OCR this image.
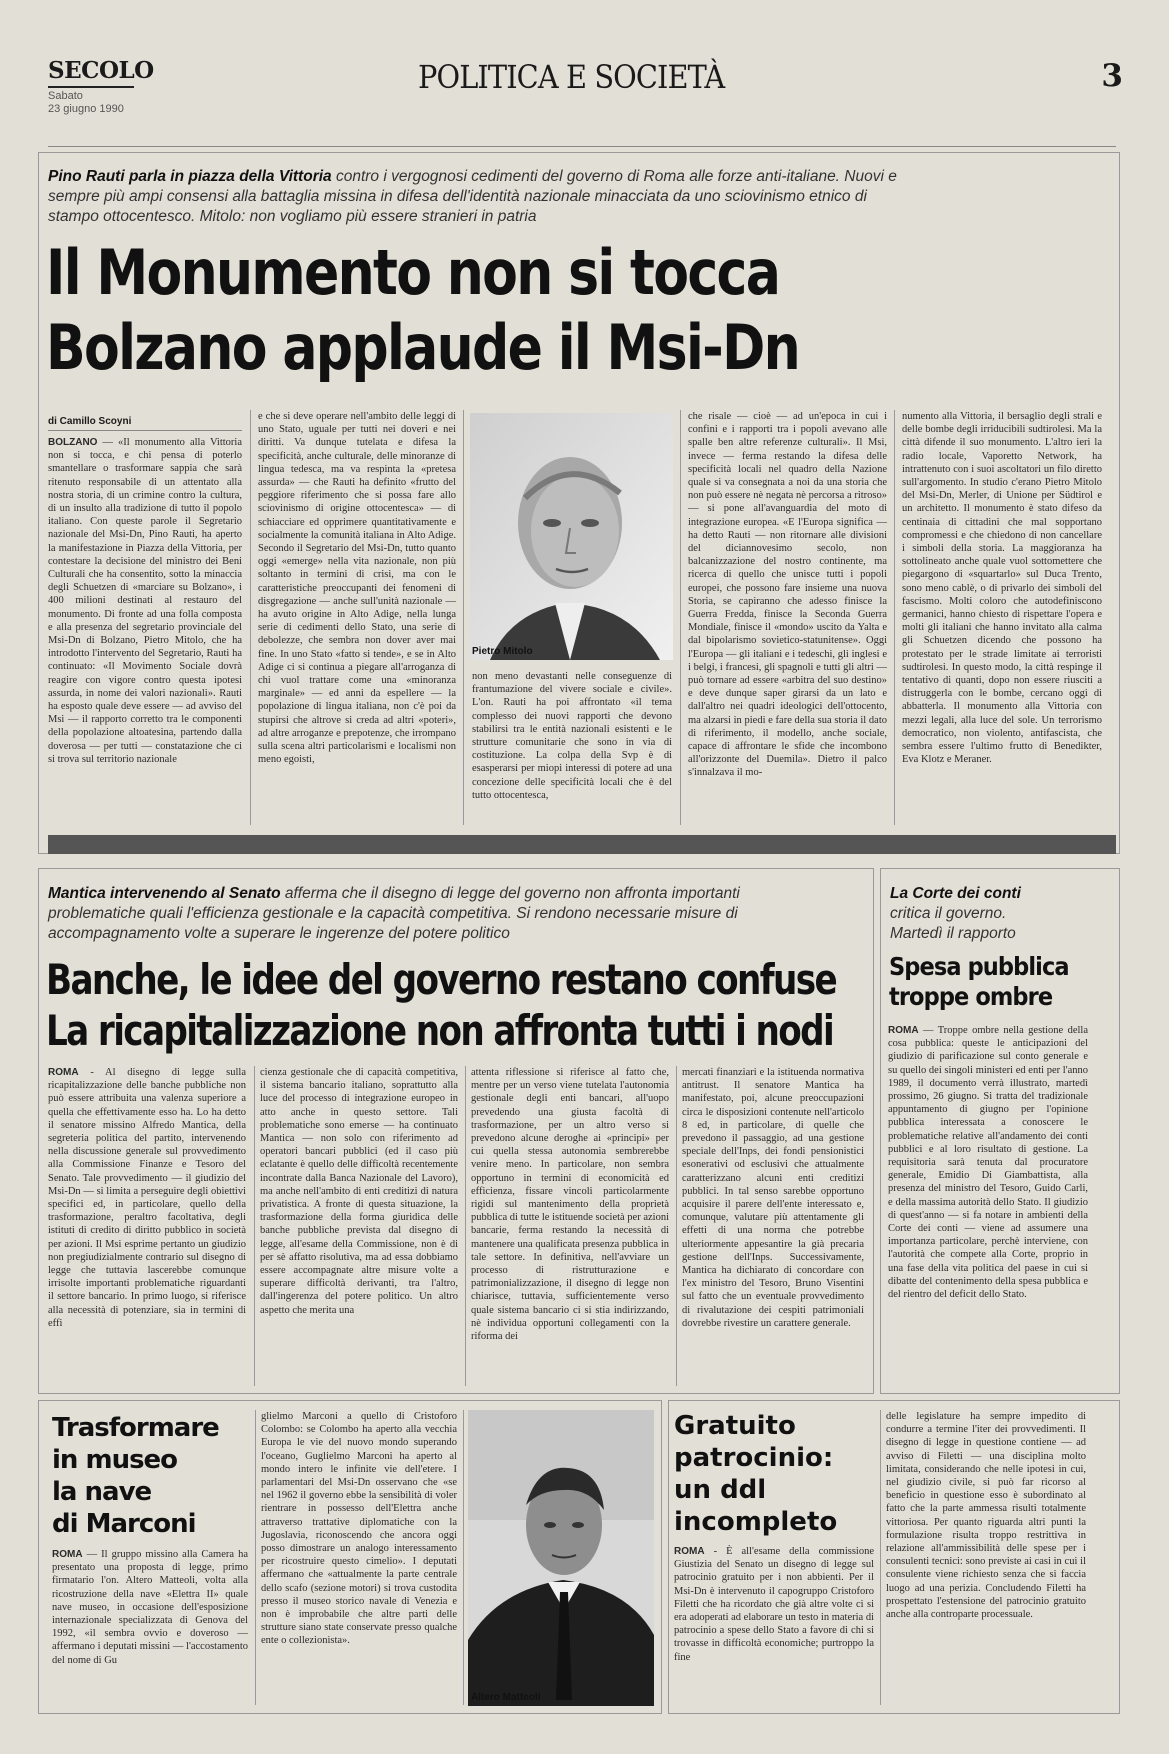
SECOLO
Sabato
23 giugno 1990
POLITICA E SOCIETÀ	3
Pino Rauti parla in piazza della Vittoria contro i vergognosi cedimenti del governo di Roma alle forze anti-italiane. Nuovi e sempre più ampi consensi alla battaglia missina in difesa dell'identità nazionale minacciata da uno sciovinismo etnico di stampo ottocentesco. Mitolo: non vogliamo più essere stranieri in patria
Il Monumento non si tocca
Bolzano applaude il Msi-Dn
di Camillo Scoyni
BOLZANO — «Il monumento alla Vittoria non si tocca, e chi pensa di poterlo smantellare o trasformare sappia che sarà ritenuto responsabile di un attentato alla nostra storia, di un crimine contro la cultura, di un insulto alla tradizione di tutto il popolo italiano. Con queste parole il Segretario nazionale del Msi-Dn, Pino Rauti, ha aperto la manifestazione in Piazza della Vittoria, per contestare la decisione del ministro dei Beni Culturali che ha consentito, sotto la minaccia degli Schuetzen di «marciare su Bolzano», i 400 milioni destinati al restauro del monumento. Di fronte ad una folla composta e alla presenza del segretario provinciale del Msi-Dn di Bolzano, Pietro Mitolo, che ha introdotto l'intervento del Segretario, Rauti ha continuato: «Il Movimento Sociale dovrà reagire con vigore contro questa ipotesi assurda, in nome dei valori nazionali». Rauti ha esposto quale deve essere — ad avviso del Msi — il rapporto corretto tra le componenti della popolazione altoatesina, partendo dalla doverosa — per tutti — constatazione che ci si trova sul territorio nazionale
e che si deve operare nell'ambito delle leggi di uno Stato, uguale per tutti nei doveri e nei diritti. Va dunque tutelata e difesa la specificità, anche culturale, delle minoranze di lingua tedesca, ma va respinta la «pretesa assurda» — che Rauti ha definito «frutto del peggiore riferimento che si possa fare allo sciovinismo di origine ottocentesca» — di schiacciare ed opprimere quantitativamente e socialmente la comunità italiana in Alto Adige. Secondo il Segretario del Msi-Dn, tutto quanto oggi «emerge» nella vita nazionale, non più soltanto in termini di crisi, ma con le caratteristiche preoccupanti dei fenomeni di disgregazione — anche sull'unità nazionale — ha avuto origine in Alto Adige, nella lunga serie di cedimenti dello Stato, una serie di debolezze, che sembra non dover aver mai fine. In uno Stato «fatto si tende», e se in Alto Adige ci si continua a piegare all'arroganza di chi vuol trattare come una «minoranza marginale» — ed anni da espellere — la popolazione di lingua italiana, non c'è poi da stupirsi che altrove si creda ad altri «poteri», ad altre arroganze e prepotenze, che irrompano sulla scena altri particolarismi e localismi non meno egoisti,
Pietro Mitolo
non meno devastanti nelle conseguenze di frantumazione del vivere sociale e civile». L'on. Rauti ha poi affrontato «il tema complesso dei nuovi rapporti che devono stabilirsi tra le entità nazionali esistenti e le strutture comunitarie che sono in via di costituzione. La colpa della Svp è di esasperarsi per miopi interessi di potere ad una concezione delle specificità locali che è del tutto ottocentesca,
che risale — cioè — ad un'epoca in cui i confini e i rapporti tra i popoli avevano alle spalle ben altre referenze culturali». Il Msi, invece — ferma restando la difesa delle specificità locali nel quadro della Nazione quale si va consegnata a noi da una storia che non può essere nè negata nè percorsa a ritroso» — si pone all'avanguardia del moto di integrazione europea. «E l'Europa significa — ha detto Rauti — non ritornare alle divisioni del diciannovesimo secolo, non balcanizzazione del nostro continente, ma ricerca di quello che unisce tutti i popoli europei, che possono fare insieme una nuova Storia, se capiranno che adesso finisce la Guerra Fredda, finisce la Seconda Guerra Mondiale, finisce il «mondo» uscito da Yalta e dal bipolarismo sovietico-statunitense». Oggi l'Europa — gli italiani e i tedeschi, gli inglesi e i belgi, i francesi, gli spagnoli e tutti gli altri — può tornare ad essere «arbitra del suo destino» e deve dunque saper girarsi da un lato e dall'altro nei quadri ideologici dell'ottocento, ma alzarsi in piedi e fare della sua storia il dato di riferimento, il modello, anche sociale, capace di affrontare le sfide che incombono all'orizzonte del Duemila». Dietro il palco s'innalzava il mo-
numento alla Vittoria, il bersaglio degli strali e delle bombe degli irriducibili sudtirolesi. Ma la città difende il suo monumento. L'altro ieri la radio locale, Vaporetto Network, ha intrattenuto con i suoi ascoltatori un filo diretto sull'argomento. In studio c'erano Pietro Mitolo del Msi-Dn, Merler, di Unione per Südtirol e un architetto. Il monumento è stato difeso da centinaia di cittadini che mal sopportano compromessi e che chiedono di non cancellare i simboli della storia. La maggioranza ha sottolineato anche quale vuol sottomettere che piegargono di «squartarlo» sul Duca Trento, sono meno cablè, o di privarlo dei simboli del fascismo. Molti coloro che autodefiniscono germanici, hanno chiesto di rispettare l'opera e molti gli italiani che hanno invitato alla calma gli Schuetzen dicendo che possono ha protestato per le strade limitate ai terroristi sudtirolesi. In questo modo, la città respinge il tentativo di quanti, dopo non essere riusciti a distruggerla con le bombe, cercano oggi di abbatterla. Il monumento alla Vittoria con mezzi legali, alla luce del sole. Un terrorismo democratico, non violento, antifascista, che sembra essere l'ultimo frutto di Benedikter, Eva Klotz e Meraner.
Mantica intervenendo al Senato afferma che il disegno di legge del governo non affronta importanti problematiche quali l'efficienza gestionale e la capacità competitiva. Si rendono necessarie misure di accompagnamento volte a superare le ingerenze del potere politico
Banche, le idee del governo restano confuse
La ricapitalizzazione non affronta tutti i nodi
ROMA - Al disegno di legge sulla ricapitalizzazione delle banche pubbliche non può essere attribuita una valenza superiore a quella che effettivamente esso ha. Lo ha detto il senatore missino Alfredo Mantica, della segreteria politica del partito, intervenendo nella discussione generale sul provvedimento alla Commissione Finanze e Tesoro del Senato. Tale provvedimento — il giudizio del Msi-Dn — si limita a perseguire degli obiettivi specifici ed, in particolare, quello della trasformazione, peraltro facoltativa, degli istituti di credito di diritto pubblico in società per azioni. Il Msi esprime pertanto un giudizio non pregiudizialmente contrario sul disegno di legge che tuttavia lascerebbe comunque irrisolte importanti problematiche riguardanti il settore bancario. In primo luogo, si riferisce alla necessità di potenziare, sia in termini di effi
cienza gestionale che di capacità competitiva, il sistema bancario italiano, soprattutto alla luce del processo di integrazione europeo in atto anche in questo settore. Tali problematiche sono emerse — ha continuato Mantica — non solo con riferimento ad operatori bancari pubblici (ed il caso più eclatante è quello delle difficoltà recentemente incontrate dalla Banca Nazionale del Lavoro), ma anche nell'ambito di enti creditizi di natura privatistica. A fronte di questa situazione, la trasformazione della forma giuridica delle banche pubbliche prevista dal disegno di legge, all'esame della Commissione, non è di per sè affatto risolutiva, ma ad essa dobbiamo essere accompagnate altre misure volte a superare difficoltà derivanti, tra l'altro, dall'ingerenza del potere politico. Un altro aspetto che merita una
attenta riflessione si riferisce al fatto che, mentre per un verso viene tutelata l'autonomia gestionale degli enti bancari, all'uopo prevedendo una giusta facoltà di trasformazione, per un altro verso si prevedono alcune deroghe ai «principi» per cui quella stessa autonomia sembrerebbe venire meno. In particolare, non sembra opportuno in termini di economicità ed efficienza, fissare vincoli particolarmente rigidi sul mantenimento della proprietà pubblica di tutte le istituende società per azioni bancarie, ferma restando la necessità di mantenere una qualificata presenza pubblica in tale settore. In definitiva, nell'avviare un processo di ristrutturazione e patrimonializzazione, il disegno di legge non chiarisce, tuttavia, sufficientemente verso quale sistema bancario ci si stia indirizzando, nè individua opportuni collegamenti con la riforma dei
mercati finanziari e la istituenda normativa antitrust. Il senatore Mantica ha manifestato, poi, alcune preoccupazioni circa le disposizioni contenute nell'articolo 8 ed, in particolare, di quelle che prevedono il passaggio, ad una gestione speciale dell'Inps, dei fondi pensionistici esonerativi od esclusivi che attualmente caratterizzano alcuni enti creditizi pubblici. In tal senso sarebbe opportuno acquisire il parere dell'ente interessato e, comunque, valutare più attentamente gli effetti di una norma che potrebbe ulteriormente appesantire la già precaria gestione dell'Inps. Successivamente, Mantica ha dichiarato di concordare con l'ex ministro del Tesoro, Bruno Visentini sul fatto che un eventuale provvedimento di rivalutazione dei cespiti patrimoniali dovrebbe rivestire un carattere generale.
La Corte dei conti
critica il governo.
Martedì il rapporto
Spesa pubblica
troppe ombre
ROMA — Troppe ombre nella gestione della cosa pubblica: queste le anticipazioni del giudizio di parificazione sul conto generale e su quello dei singoli ministeri ed enti per l'anno 1989, il documento verrà illustrato, martedì prossimo, 26 giugno. Si tratta del tradizionale appuntamento di giugno per l'opinione pubblica interessata a conoscere le problematiche relative all'andamento dei conti pubblici e al loro risultato di gestione. La requisitoria sarà tenuta dal procuratore generale, Emidio Di Giambattista, alla presenza del ministro del Tesoro, Guido Carli, e della massima autorità dello Stato. Il giudizio di quest'anno — si fa notare in ambienti della Corte dei conti — viene ad assumere una importanza particolare, perchè interviene, con l'autorità che compete alla Corte, proprio in una fase della vita politica del paese in cui si dibatte del contenimento della spesa pubblica e del rientro del deficit dello Stato.
Trasformare
in museo
la nave
di Marconi
ROMA — Il gruppo missino alla Camera ha presentato una proposta di legge, primo firmatario l'on. Altero Matteoli, volta alla ricostruzione della nave «Elettra II» quale nave museo, in occasione dell'esposizione internazionale specializzata di Genova del 1992, «il sembra ovvio e doveroso — affermano i deputati missini — l'accostamento del nome di Gu
glielmo Marconi a quello di Cristoforo Colombo: se Colombo ha aperto alla vecchia Europa le vie del nuovo mondo superando l'oceano, Guglielmo Marconi ha aperto al mondo intero le infinite vie dell'etere. I parlamentari del Msi-Dn osservano che «se nel 1962 il governo ebbe la sensibilità di voler rientrare in possesso dell'Elettra anche attraverso trattative diplomatiche con la Jugoslavia, riconoscendo che ancora oggi posso dimostrare un analogo interessamento per ricostruire questo cimelio». I deputati affermano che «attualmente la parte centrale dello scafo (sezione motori) si trova custodita presso il museo storico navale di Venezia e non è improbabile che altre parti delle strutture siano state conservate presso qualche ente o collezionista».
Altero Matteoli
Gratuito
patrocinio:
un ddl
incompleto
ROMA - È all'esame della commissione Giustizia del Senato un disegno di legge sul patrocinio gratuito per i non abbienti. Per il Msi-Dn è intervenuto il capogruppo Cristoforo Filetti che ha ricordato che già altre volte ci si era adoperati ad elaborare un testo in materia di patrocinio a spese dello Stato a favore di chi si trovasse in difficoltà economiche; purtroppo la fine
delle legislature ha sempre impedito di condurre a termine l'iter dei provvedimenti. Il disegno di legge in questione contiene — ad avviso di Filetti — una disciplina molto limitata, considerando che nelle ipotesi in cui, nel giudizio civile, si può far ricorso al beneficio in questione esso è subordinato al fatto che la parte ammessa risulti totalmente vittoriosa. Per quanto riguarda altri punti la formulazione risulta troppo restrittiva in relazione all'ammissibilità delle spese per i consulenti tecnici: sono previste ai casi in cui il consulente viene richiesto senza che si faccia luogo ad una perizia. Concludendo Filetti ha prospettato l'estensione del patrocinio gratuito anche alla controparte processuale.
